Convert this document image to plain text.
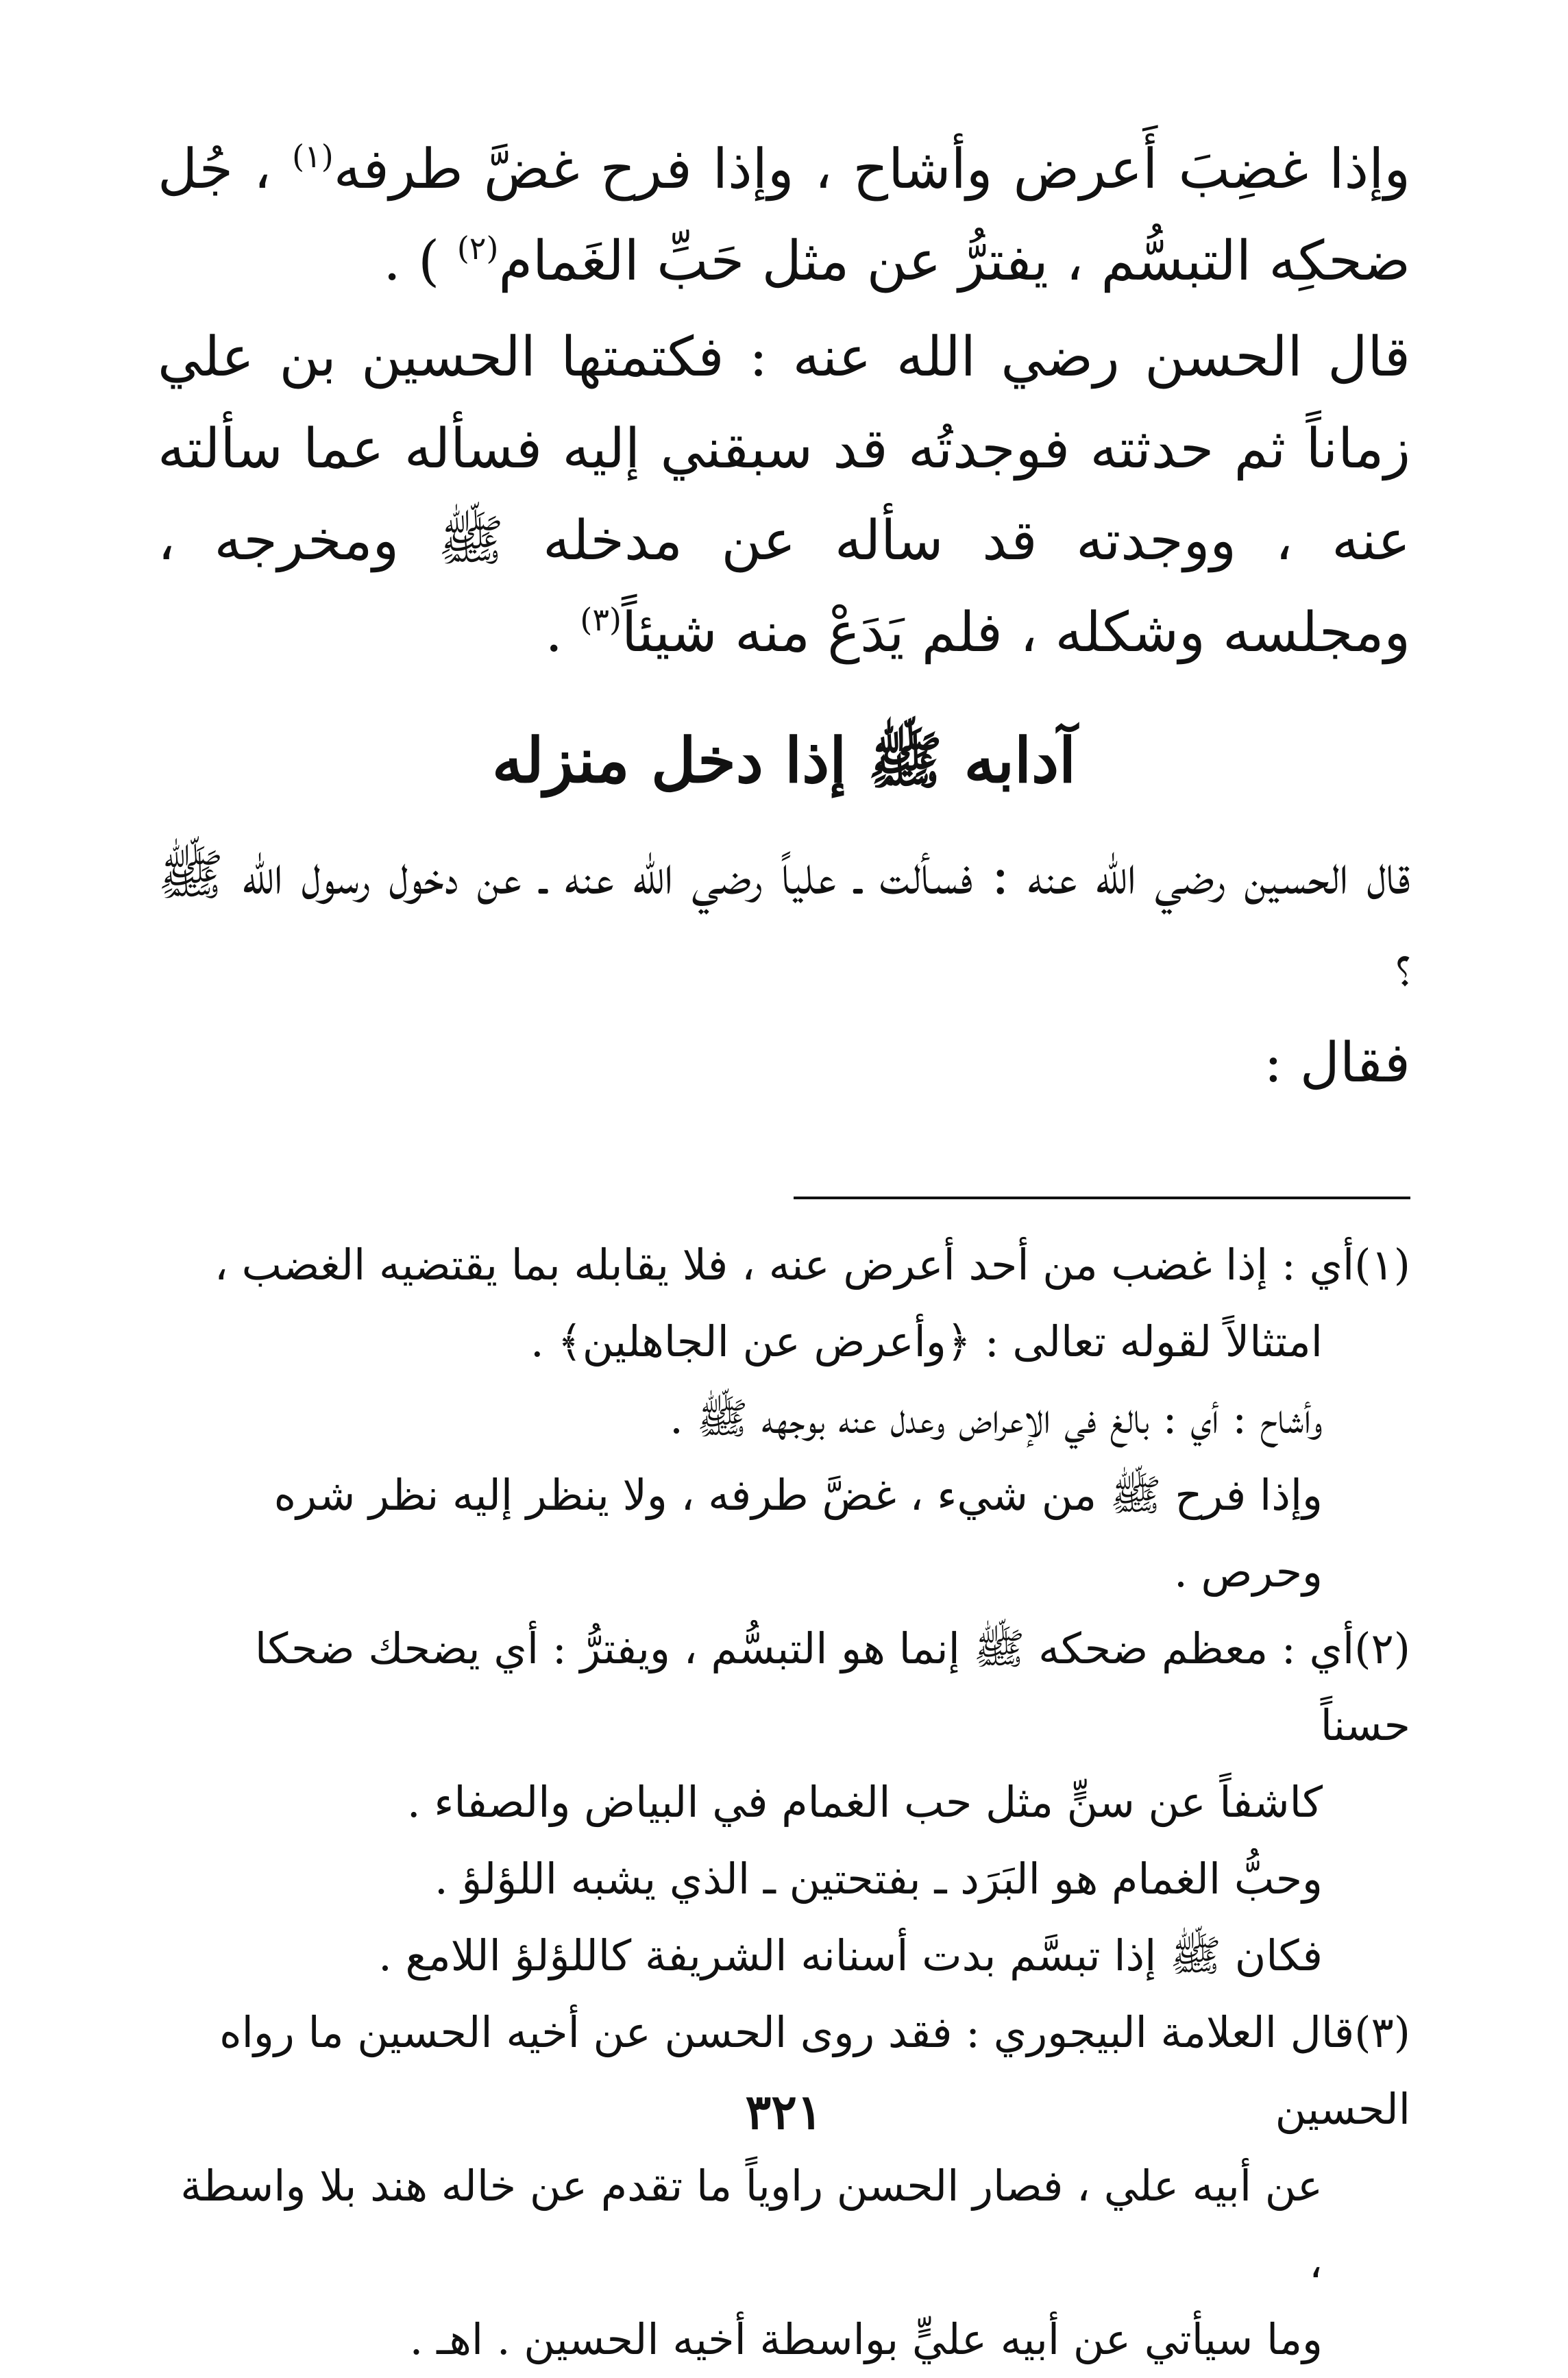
وإذا غضِبَ أَعرض وأشاح ، وإذا فرح غضَّ طرفه$^{(١)}$ ، جُل ضحكِه التبسُّم ، يفترُّ عن مثل حَبِّ الغَمام$^{(٢)}$ ) .

قال الحسن رضي الله عنه : فكتمتها الحسين بن علي زماناً ثم حدثته فوجدتُه قد سبقني إليه فسأله عما سألته عنه ، ووجدته قد سأله عن مدخله ﷺ ومخرجه ، ومجلسه وشكله ، فلم يَدَعْ منه شيئاً$^{(٣)}$ .

آدابه ﷺ إذا دخل منزله

قال الحسين رضي الله عنه : فسألت ـ علياً رضي الله عنه ـ عن دخول رسول الله ﷺ ؟

فقال :

(١)أي : إذا غضب من أحد أعرض عنه ، فلا يقابله بما يقتضيه الغضب ،

امتثالاً لقوله تعالى : ﴿وأعرض عن الجاهلين﴾ .

وأشاح : أي : بالغ في الإعراض وعدل عنه بوجهه ﷺ .

وإذا فرح ﷺ من شيء ، غضَّ طرفه ، ولا ينظر إليه نظر شره وحرص .

(٢)أي : معظم ضحكه ﷺ إنما هو التبسُّم ، ويفترُّ : أي يضحك ضحكا حسناً

كاشفاً عن سنٍّ مثل حب الغمام في البياض والصفاء .

وحبُّ الغمام هو البَرَد ـ بفتحتين ـ الذي يشبه اللؤلؤ .

فكان ﷺ إذا تبسَّم بدت أسنانه الشريفة كاللؤلؤ اللامع .

(٣)قال العلامة البيجوري : فقد روى الحسن عن أخيه الحسين ما رواه الحسين

عن أبيه علي ، فصار الحسن راوياً ما تقدم عن خاله هند بلا واسطة ،

وما سيأتي عن أبيه عليٍّ بواسطة أخيه الحسين . اهـ .

٣٢١
